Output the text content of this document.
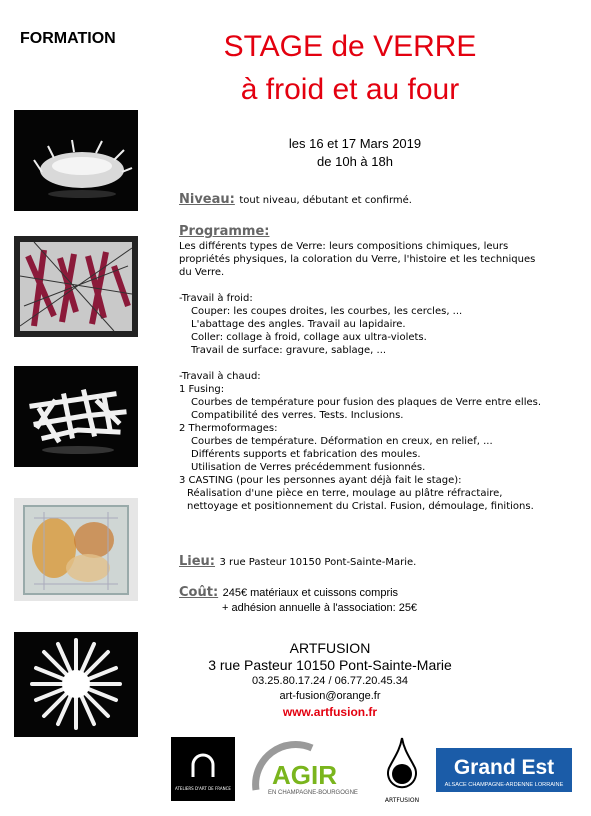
FORMATION	STAGE de VERRE
à froid et au four
les 16 et 17 Mars 2019
de 10h à 18h
Niveau: tout niveau, débutant et confirmé.
Programme:
Les différents types de Verre: leurs compositions chimiques, leurs
propriétés physiques, la coloration du Verre, l'histoire et les techniques
du Verre.
-Travail à froid:
Couper: les coupes droites, les courbes, les cercles, ...
L'abattage des angles. Travail au lapidaire.
Coller: collage à froid, collage aux ultra-violets.
Travail de surface: gravure, sablage, ...
-Travail à chaud:
1 Fusing:
Courbes de température pour fusion des plaques de Verre entre elles.
Compatibilité des verres. Tests. Inclusions.
2 Thermoformages:
Courbes de température. Déformation en creux, en relief, ...
Différents supports et fabrication des moules.
Utilisation de Verres précédemment fusionnés.
3 CASTING (pour les personnes ayant déjà fait le stage):
Réalisation d'une pièce en terre, moulage au plâtre réfractaire,
nettoyage et positionnement du Cristal. Fusion, démoulage, finitions.
Lieu: 3 rue Pasteur 10150 Pont-Sainte-Marie.
Coût: 245€ matériaux et cuissons compris
+ adhésion annuelle à l'association: 25€
ARTFUSION
3 rue Pasteur 10150 Pont-Sainte-Marie
03.25.80.17.24 / 06.77.20.45.34
art-fusion@orange.fr
www.artfusion.fr
ATELIERS D'ART DE FRANCE AGIR
EN CHAMPAGNE-BOURGOGNE
ARTFUSION
Grand Est
ALSACE CHAMPAGNE-ARDENNE LORRAINE
